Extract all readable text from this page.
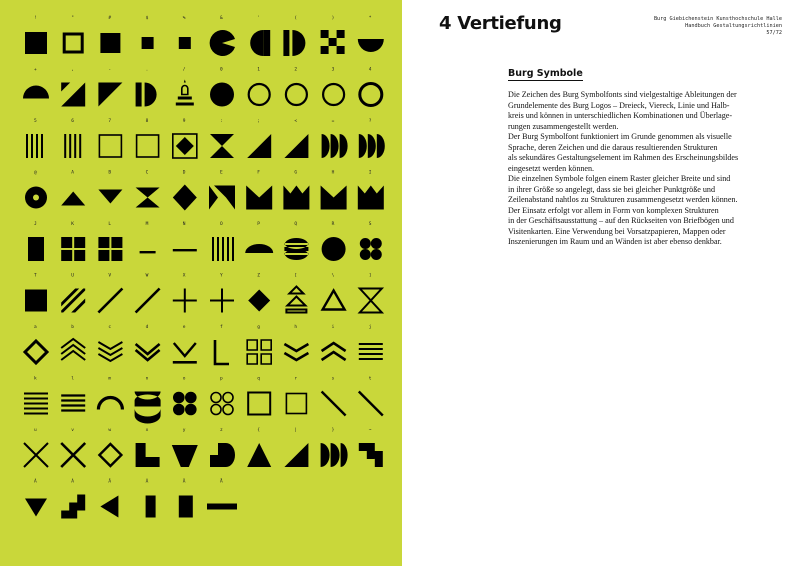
!	"	#	$	%	&	'	(	)	*
+	,	-	.	/	0	1	2	3	4
5	6	7	8	9	:	;	<	=	?
@	A	B	C	D	E	F	G	H	I
J	K	L	M	N	O	P	Q	R	S
T	U	V	W	X	Y	Z	[	\	]
a	b	c	d	e	f	g	h	i	j
k	l	m	n	o	p	q	r	s	t
u	v	w	x	y	z	{	|	}	~
À	Á	Â	Ã	Ä	Å
4 Vertiefung	Burg Giebichenstein Kunsthochschule Halle
Handbuch Gestaltungsrichtlinien
57/72
Burg Symbole
Die Zeichen des Burg Symbolfonts sind vielgestaltige Ableitungen der
Grundelemente des Burg Logos – Dreieck, Viereck, Linie und Halb-
kreis und können in unterschiedlichen Kombinationen und Überlage-
rungen zusammengestellt werden.
Der Burg Symbolfont funktioniert im Grunde genommen als visuelle
Sprache, deren Zeichen und die daraus resultierenden Strukturen
als sekundäres Gestaltungselement im Rahmen des Erscheinungsbildes
eingesetzt werden können.
Die einzelnen Symbole folgen einem Raster gleicher Breite und sind
in ihrer Größe so angelegt, dass sie bei gleicher Punktgröße und
Zeilenabstand nahtlos zu Strukturen zusammengesetzt werden können.
Der Einsatz erfolgt vor allem in Form von komplexen Strukturen
in der Geschäftsausstattung – auf den Rückseiten von Briefbögen und
Visitenkarten. Eine Verwendung bei Vorsatzpapieren, Mappen oder
Inszenierungen im Raum und an Wänden ist aber ebenso denkbar.
